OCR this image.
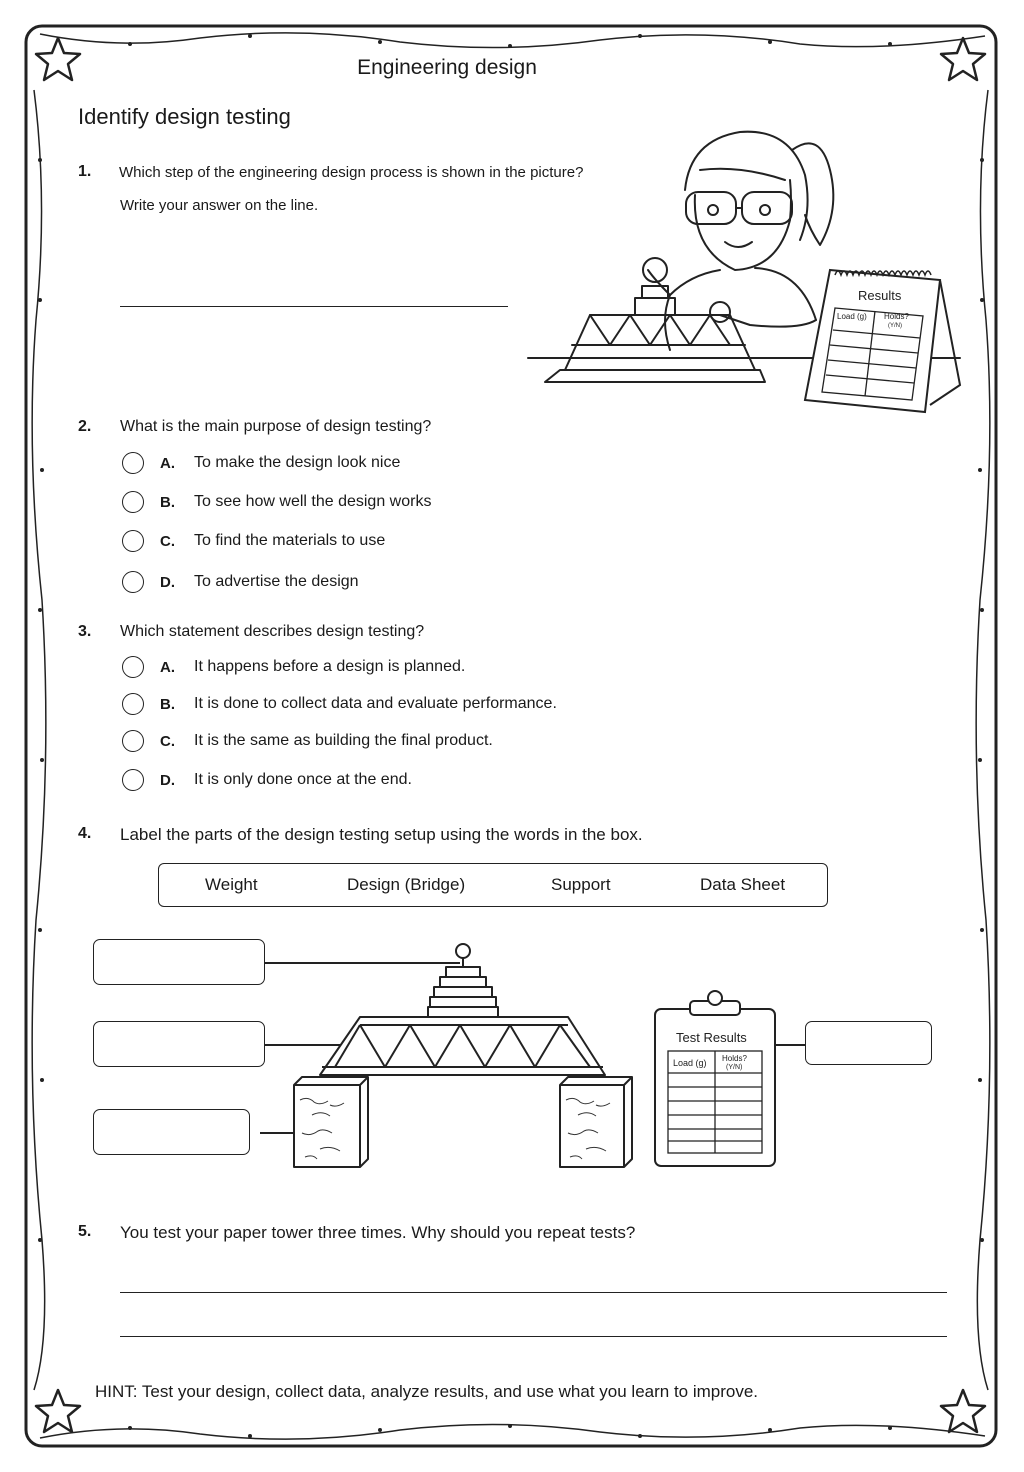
Engineering design
Identify design testing
1. Which step of the engineering design process is shown in the picture?
Write your answer on the line.
Results
Load (g) Holds?
(Y/N)
2. What is the main purpose of design testing?
A.	To make the design look nice
B.	To see how well the design works
C.	To find the materials to use
D.	To advertise the design
3. Which statement describes design testing?
A.	It happens before a design is planned.
B.	It is done to collect data and evaluate performance.
C.	It is the same as building the final product.
D.	It is only done once at the end.
4. Label the parts of the design testing setup using the words in the box.
Weight	Design (Bridge)	Support	Data Sheet
Test Results
Load (g) Holds?
(Y/N)
5. You test your paper tower three times. Why should you repeat tests?
HINT: Test your design, collect data, analyze results, and use what you learn to improve.
